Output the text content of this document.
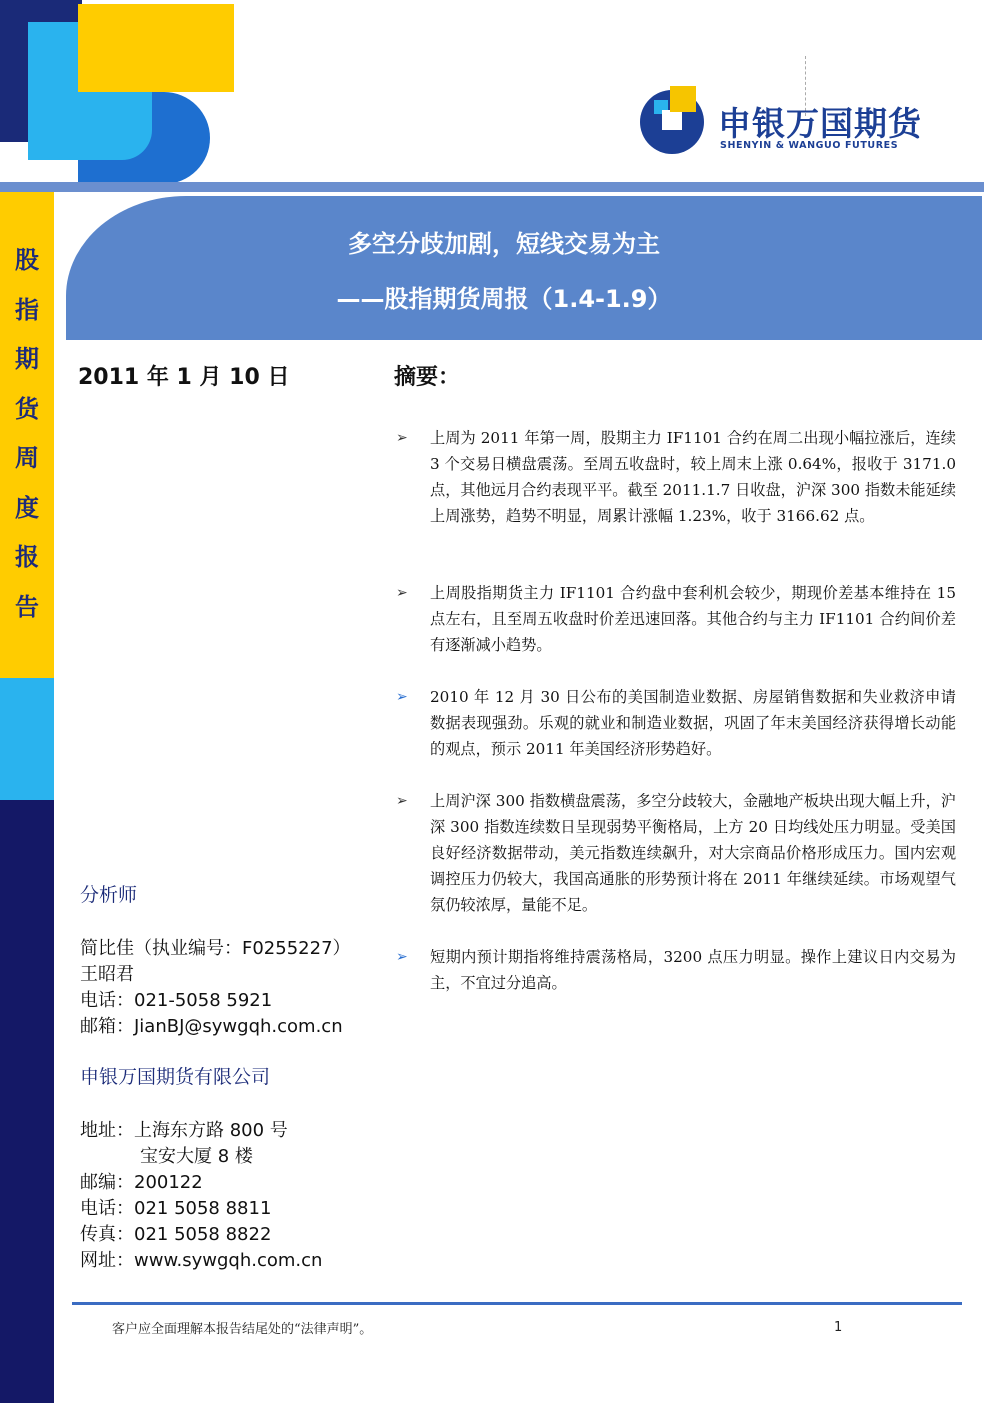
申银万国期货
SHENYIN & WANGUO FUTURES
股
指
期
货
周
度
报
告
多空分歧加剧，短线交易为主
——股指期货周报（1.4-1.9）
2011 年 1 月 10 日
分析师
简比佳（执业编号：F0255227）
王昭君
电话：021-5058 5921
邮箱：JianBJ@sywgqh.com.cn
申银万国期货有限公司
地址：上海东方路 800 号
宝安大厦 8 楼
邮编：200122
电话：021 5058 8811
传真：021 5058 8822
网址：www.sywgqh.com.cn
摘要：
➢ 上周为 2011 年第一周，股期主力 IF1101 合约在周二出现小幅拉涨后，连续 3 个交易日横盘震荡。至周五收盘时，较上周末上涨 0.64%，报收于 3171.0 点，其他远月合约表现平平。截至 2011.1.7 日收盘，沪深 300 指数未能延续上周涨势，趋势不明显，周累计涨幅 1.23%，收于 3166.62 点。
➢ 上周股指期货主力 IF1101 合约盘中套利机会较少，期现价差基本维持在 15 点左右，且至周五收盘时价差迅速回落。其他合约与主力 IF1101 合约间价差有逐渐减小趋势。
➢ 2010 年 12 月 30 日公布的美国制造业数据、房屋销售数据和失业救济申请数据表现强劲。乐观的就业和制造业数据，巩固了年末美国经济获得增长动能的观点，预示 2011 年美国经济形势趋好。
➢ 上周沪深 300 指数横盘震荡，多空分歧较大，金融地产板块出现大幅上升，沪深 300 指数连续数日呈现弱势平衡格局，上方 20 日均线处压力明显。受美国良好经济数据带动，美元指数连续飙升，对大宗商品价格形成压力。国内宏观调控压力仍较大，我国高通胀的形势预计将在 2011 年继续延续。市场观望气氛仍较浓厚，量能不足。
➢ 短期内预计期指将维持震荡格局，3200 点压力明显。操作上建议日内交易为主，不宜过分追高。
客户应全面理解本报告结尾处的“法律声明”。	1
